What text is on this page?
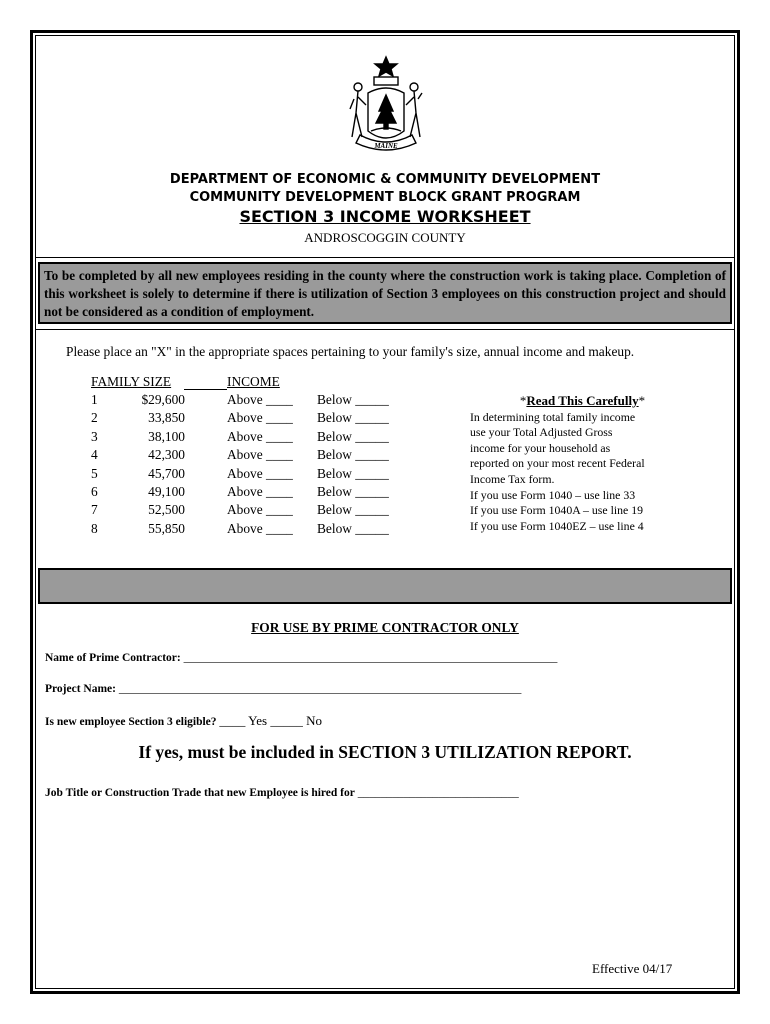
MAINE
DEPARTMENT OF ECONOMIC & COMMUNITY DEVELOPMENT
COMMUNITY DEVELOPMENT BLOCK GRANT PROGRAM
SECTION 3 INCOME WORKSHEET
ANDROSCOGGIN COUNTY
To be completed by all new employees residing in the county where the construction work is taking place. Completion of this worksheet is solely to determine if there is utilization of Section 3 employees on this construction project and should not be considered as a condition of employment.
Please place an "X" in the appropriate spaces pertaining to your family's size, annual income and makeup.
FAMILY SIZE	INCOME
1	$29,600	Above ____ Below _____
2	33,850	Above ____ Below _____
3	38,100	Above ____ Below _____
4	42,300	Above ____ Below _____
5	45,700	Above ____ Below _____
6	49,100	Above ____ Below _____
7	52,500	Above ____ Below _____
8	55,850	Above ____ Below _____
*Read This Carefully*
In determining total family income
use your Total Adjusted Gross
income for your household as
reported on your most recent Federal
Income Tax form.
If you use Form 1040 – use line 33
If you use Form 1040A – use line 19
If you use Form 1040EZ – use line 4
FOR USE BY PRIME CONTRACTOR ONLY
Name of Prime Contractor: _________________________________________________________________
Project Name: ______________________________________________________________________
Is new employee Section 3 eligible? ____ Yes _____ No
If yes, must be included in SECTION 3 UTILIZATION REPORT.
Job Title or Construction Trade that new Employee is hired for ____________________________
Effective 04/17
